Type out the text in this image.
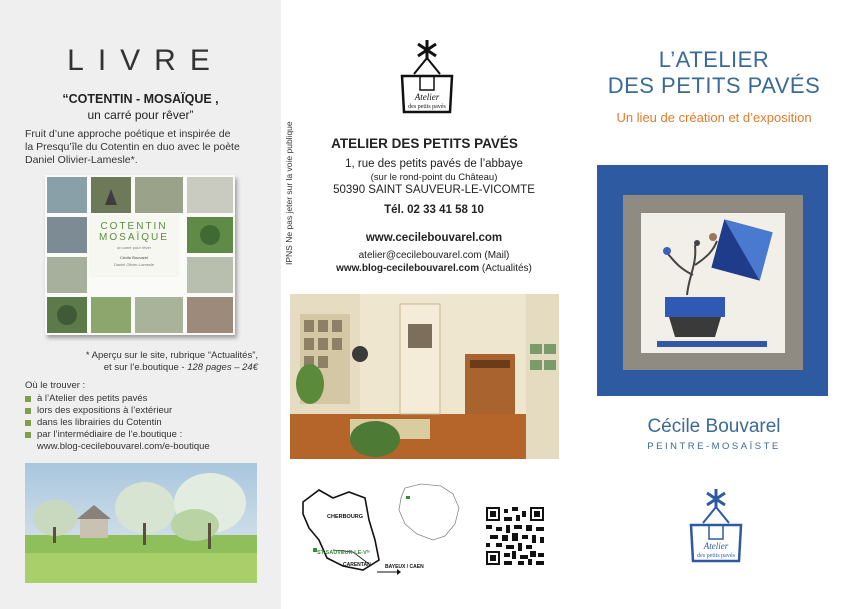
LIVRE
“COTENTIN - MOSAÏQUE ,
un carré pour rêver”
Fruit d’une approche poétique et inspirée de
la Presqu’île du Cotentin en duo avec le poète
Daniel Olivier-Lamesle*.
COTENTIN
MOSAÏQUE
un carré pour rêver
Cécile Bouvarel
Daniel Olivier-Lamesle
* Aperçu sur le site, rubrique “Actualités”,
et sur l’e.boutique - 128 pages – 24€
Où le trouver :
à l’Atelier des petits pavés
lors des expositions à l’extérieur
dans les librairies du Cotentin
par l’intermédiaire de l’e.boutique :
www.blog-cecilebouvarel.com/e-boutique
Atelier
des petits pavés
IPNS Ne pas jeter sur la voie publique	ATELIER DES PETITS PAVÉS
1, rue des petits pavés de l’abbaye
(sur le rond-point du Château)
50390 SAINT SAUVEUR-LE-VICOMTE
Tél. 02 33 41 58 10
www.cecilebouvarel.com
atelier@cecilebouvarel.com (Mail)
www.blog-cecilebouvarel.com (Actualités)
CHERBOURG
ST-SAUVEUR-LE-Vᵗᵉ
CARENTAN	BAYEUX / CAEN
L’ATELIER
DES PETITS PAVÉS
Un lieu de création et d’exposition
Cécile Bouvarel
PEINTRE-MOSAÏSTE
Atelier
des petits pavés
